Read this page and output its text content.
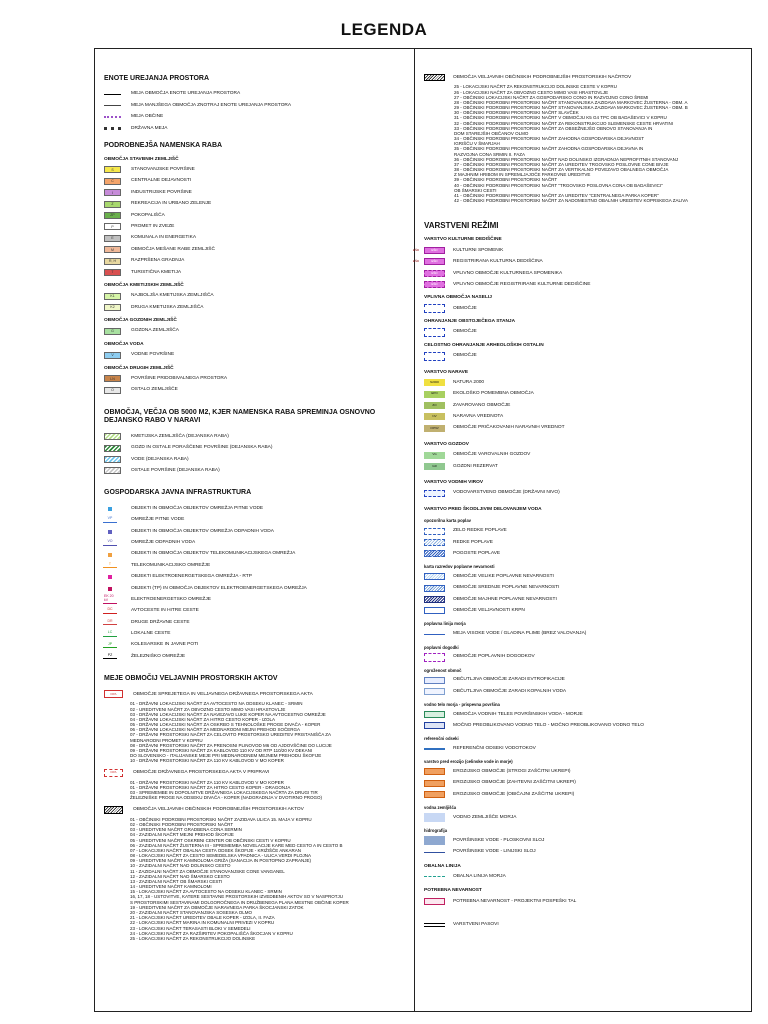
LEGENDA
ENOTE UREJANJA PROSTORA
MEJA OBMOČJA ENOTE UREJANJA PROSTORA
MEJA MANJŠEGA OBMOČJA ZNOTRAJ ENOTE UREJANJA PROSTORA
MEJA OBČINE
DRŽAVNA MEJA
PODROBNEJŠA NAMENSKA RABA
OBMOČJA STAVBNIH ZEMLJIŠČ
S	STANOVANJSKE POVRŠINE
C	CENTRALNE DEJAVNOSTI
I	INDUSTRIJSKE POVRŠINE
Z	REKREACIJA IN URBANO ZELENJE
ZP	POKOPALIŠČA
P	PROMET IN ZVEZE
E	KOMUNALA IN ENERGETIKA
M	OBMOČJA MEŠANE RABE ZEMLJIŠČ
R, H	RAZPRŠENA GRADNJA
T	TURISTIČNA KMETIJA
OBMOČJA KMETIJSKIH ZEMLJIŠČ
K1	NAJBOLJŠA KMETIJSKA ZEMLJIŠČA
K2	DRUGA KMETIJSKA ZEMLJIŠČA
OBMOČJA GOZDNIH ZEMLJIŠČ
G	GOZDNA ZEMLJIŠČA
OBMOČJA VODA
V	VODNE POVRŠINE
OBMOČJA DRUGIH ZEMLJIŠČ
LN	POVRŠINE PRIDOBIVALNEGA PROSTORA
O	OSTALO ZEMLJIŠČE
OBMOČJA, VEČJA OB 5000 M2, KJER NAMENSKA RABA SPREMINJA OSNOVNO DEJANSKO RABO V NARAVI
KMETIJSKA ZEMLJIŠČA (DEJANSKA RABA)
GOZD IN OSTALE PORAŠČENE POVRŠINE (DEJANSKA RABA)
VODE (DEJANSKA RABA)
OSTALE POVRŠINE (DEJANSKA RABA)
GOSPODARSKA JAVNA INFRASTRUKTURA
OBJEKTI IN OBMOČJA OBJEKTOV OMREŽJA PITNE VODE
VP	OMREŽJE PITNE VODE
OBJEKTI IN OBMOČJA OBJEKTOV OMREŽJA ODPADNIH VODA
VO	OMREŽJE ODPADNIH VODA
OBJEKTI IN OBMOČJA OBJEKTOV TELEKOMUNIKACIJSKEGA OMREŽJA
T	TELEKOMUNIKACIJSKO OMREŽJE
OBJEKTI ELEKTROENERGETSKEGA OMREŽJA - RTP
OBJEKTI (TP) IN OBMOČJA OBJEKTOV ELEKTROENERGETSKEGA OMREŽJA
EK 20 kV	ELEKTROENERGETSKO OMREŽJE
DC	AVTOCESTE IN HITRE CESTE
DR	DRUGE DRŽAVNE CESTE
LC	LOKALNE CESTE
JP	KOLESARSKE IN JAVNE POTI
PZ	ŽELEZNIŠKO OMREŽJE
MEJE OBMOČIJ VELJAVNIH PROSTORSKIH AKTOV
DPA	OBMOČJE SPREJETEGA IN VELJAVNEGA DRŽAVNEGA PROSTORSKEGA AKTA
01 - DRŽAVNI LOKACIJSKI NAČRT ZA AVTOCESTO NA ODSEKU KLANEC - SRMIN
02 - UREDITVENI NAČRT ZA OBVOZNO CESTO MIMO VASI HRASTOVLJE
03 - DRŽAVNI LOKACIJSKI NAČRT ZA NAVEZAVO LUKE KOPER NA AVTOCESTNO OMREŽJE
04 - DRŽAVNI LOKACIJSKI NAČRT ZA HITRO CESTO KOPER - IZOLA
05 - DRŽAVNI LOKACIJSKI NAČRT ZA OSKRBO S TEHNOLOŠKE PROGE DIVAČA - KOPER
06 - DRŽAVNI LOKACIJSKI NAČRT ZA MEDNARODNI MEJNI PREHOD SOČERGA
07 - DRŽAVNI PROSTORSKI NAČRT ZA CELOVITO PROSTORSKO UREDITEV PRISTANIŠČA ZA
MEDNARODNI PROMET V KOPRU
08 - DRŽAVNI PROSTORSKI NAČRT ZA PRENOSNI PLINOVOD M6 OD AJDOVŠČINE DO LUCIJE
09 - DRŽAVNI PROSTORSKI NAČRT ZA KABLOVOD 110 KV OD RTP 110/20 KV DEKANI
DO SLOVENSKO - ITALIJANSKE MEJE PRI MEDNARODNEM MEJNEM PREHODU ŠKOFIJE
10 - DRŽAVNI PROSTORSKI NAČRT ZA 110 KV KABLOVOD V MO KOPER
DPA	OBMOČJE DRŽAVNEGA PROSTORSKEGA AKTA V PRIPRAVI
01 - DRŽAVNI PROSTORSKI NAČRT ZA 110 KV KABLOVOD V MO KOPER
01 - DRŽAVNI PROSTORSKI NAČRT ZA HITRO CESTO KOPER - DRAGONJA
03 - SPREMEMBE IN DOPOLNITVE DRŽAVNEGA LOKACIJSKEGA NAČRTA ZA DRUGI TIR
ŽELEZNIŠKE PROGE NA ODSEKU DIVAČA - KOPER (NADGRADNJA V DVOTIRNO PROGO)
OBMOČJA VELJAVNIH OBČINSKIH PODROBNEJŠIH PROSTORSKIH AKTOV
01 - OBČINSKI PODROBNI PROSTORSKI NAČRT ZAZIDAVA ULICA 15. MAJA V KOPRU
02 - OBČINSKI PODROBNI PROSTORSKI NAČRT
03 - UREDITVENI NAČRT GRADBENA CONA SERMIN
04 - ZAZIDALNI NAČRT MEJNI PREHOD ŠKOFIJE
05 - UREDITVENI NAČRT OSKRBNI CENTER OB OBČINSKI CESTI V KOPRU
06 - ZAZIDALNI NAČRT ŽUSTERNA III - SPREMEMBA NOVELACIJE KARE MED CESTO A IN CESTO B
07 - LOKACIJSKI NAČRT OBALNA CESTA ODSEK ŠKOFIJE - KRIŽIŠČE ANKARAN
08 - LOKACIJSKI NAČRT ZA CESTO SEMEDELSKA VPADNICA - ULICA VERDI PLOJNA
09 - UREDITVENI NAČRT KAMNOLOMA GRIŽA (SANACIJA IN POSTOPNO ZAPRANJE)
10 - ZAZIDALNI NAČRT NAD DOLINSKO CESTO
11 - ZAZIDALNI NAČRT ZA OBMOČJE STANOVANJSKE CONE VANGANEL
12 - ZAZIDALNI NAČRT NAD ŠMARSKO CESTO
13 - ZAZIDALNI NAČRT OB ŠMARSKI CESTI
14 - UREDITVENI NAČRT KAMNOLOMI
15 - LOKACIJSKI NAČRT ZA AVTOCESTO NA ODSEKU KLANEC - SRMIN
16, 17, 18 - USTOVITVE, KATERE SESTAVNE PROSTORSKIH IZVEDBENIH AKTOV SO V NASPROTJU
S PROSTORSKIMI SESTAVINAMI DOLGOROČNEGA IN DRUŽBENEGA PLANA MESTNE OBČINE KOPER
19 - UREDITVENI NAČRT ZA OBMOČJE NARAVNEGA PARKA ŠKOCJANSKI ZATOK
20 - ZAZIDALNI NAČRT STANOVANJSKA SOSESKA OLMO
21 - LOKACIJSKI NAČRT UREDITEV OBALE KOPER - IZOLA, II. FAZA
22 - LOKACIJSKI NAČRT MARINA IN KOMUNALNI PRIVEZI V KOPRU
23 - LOKACIJSKI NAČRT TERASASTI BLOKI V SEMEDELI
24 - LOKACIJSKI NAČRT ZA RAZŠIRITEV POKOPALIŠČA ŠKOCJAN V KOPRU
25 - LOKACIJSKI NAČRT ZA REKONSTRUKCIJO DOLINSKE
OBMOČJA VELJAVNIH OBČINSKIH PODROBNEJŠIH PROSTORSKIH NAČRTOV
25 - LOKACIJSKI NAČRT ZA REKONSTRUKCIJO DOLINSKE CESTE V KOPRU
26 - LOKACIJSKI NAČRT ZA OBVOZNO CESTO MIMO VASI HRASTOVLJE
27 - OBČINSKI LOKACIJSKI NAČRT ZA GOSPODARSKO CONO IN RAZVOJNO CONO ŠREMI
28 - OBČINSKI PODROBNI PROSTORSKI NAČRT STANOVANJSKA ZAZIDAVA MARKOVEC ŽUSTERNA - OBM. A
29 - OBČINSKI PODROBNI PROSTORSKI NAČRT STANOVANJSKA ZAZIDAVA MARKOVEC ŽUSTERNA - OBM. B
30 - OBČINSKI PODROBNI PROSTORSKI NAČRT SLAVČEK
31 - OBČINSKI PODROBNI PROSTORSKI NAČRT V OBMOČJU K5 G4 TPC OB BADAŠEVICI V KOPRU
32 - OBČINSKI PODROBNI PROSTORSKI NAČRT ZA REKONSTRUKCIJO SLEMENSKE CESTE HRVATINI
33 - OBČINSKI PODROBNI PROSTORSKI NAČRT ZA OBSEŽNEJŠO OBNOVO STANOVANJA IN
DOM STAREJŠIH OBČANOV OLMO
34 - OBČINSKI PODROBNI PROSTORSKI NAČRT ZAHODNA GOSPODARSKA DEJAVNOST
IGRIŠČU V ŠMARJAH
35 - OBČINSKI PODROBNI PROSTORSKI NAČRT ZAHODNA GOSPODARSKA DEJAVNA IN
RAZVOJNA CONA SRMIN II. FAZA
36 - OBČINSKI PODROBNI PROSTORSKI NAČRT NAD DOLINSKO IZGRADNJA NEPROFITNIH STANOVANJ
37 - OBČINSKI PODROBNI PROSTORSKI NAČRT ZA UREDITEV TRGOVSKO POSLOVNE CONE BIVJE
38 - OBČINSKI PODROBNI PROSTORSKI NAČRT ZA VERTIKALNO POVEZAVO OBALNEGA OBMOČJA
Z MAJHNIM HRIBOM IN SPREMLJAJOČE PARKOVNE UREDITVE
39 - OBČINSKI PODROBNI PROSTORSKI NAČRT
40 - OBČINSKI PODROBNI PROSTORSKI NAČRT "TRGOVSKO POSLOVNA CONA OB BADAŠEVICI"
OB ŠMARSKI CESTI
41 - OBČINSKI PODROBNI PROSTORSKI NAČRT ZA UREDITEV "CENTRALNEGA PARKA KOPER"
42 - OBČINSKI PODROBNI PROSTORSKI NAČRT ZA NADOMESTNO OBALNIH UREDITEV KOPRSKEGA ZALIVA
VARSTVENI REŽIMI
VARSTVO KULTURNE DEDIŠČINE
EŠD	EŠD	KULTURNI SPOMENIK
EŠD	EŠD	REGISTRIRANA KULTURNA DEDIŠČINA
EŠD	VPLIVNO OBMOČJE KULTURNEGA SPOMENIKA
EŠD	VPLIVNO OBMOČJE REGISTRIRANE KULTURNE DEDIŠČINE
VPLIVNA OBMOČJA NASELIJ
OBMOČJE
OHRANJANJE OBSTOJEČEGA STANJA
OBMOČJE
CELOSTNO OHRANJANJE ARHEOLOŠKIH OSTALIN
OBMOČJE
VARSTVO NARAVE
N2000	NATURA 2000
EPO	EKOLOŠKO POMEMBNA OBMOČJA
ZO	ZAVAROVANO OBMOČJE
NV	NARAVNA VREDNOTA
OPNV	OBMOČJE PRIČAKOVANIH NARAVNIH VREDNOT
VARSTVO GOZDOV
VG	OBMOČJE VAROVALNIH GOZDOV
GR	GOZDNI REZERVAT
VARSTVO VODNIH VIROV
VODOVARSTVENO OBMOČJE (DRŽAVNI NIVO)
VARSTVO PRED ŠKODLJIVIM DELOVANJEM VODA
opozorilna karta poplav
ZELO REDKE POPLAVE
REDKE POPLAVE
POGOSTE POPLAVE
karta razredov poplavne nevarnosti
OBMOČJE VELIKE POPLAVNE NEVARNOSTI
OBMOČJE SREDNJE POPLAVNE NEVARNOSTI
OBMOČJE MAJHNE POPLAVNE NEVARNOSTI
OBMOČJE VELJAVNOSTI KRPN
poplavna linija morja
MEJA VISOKE VODE / GLADINA PLIME (BREZ VALOVANJA)
poplavni dogodki
OBMOČJE POPLAVNIH DOGODKOV
ogroženost območ
OBČUTLJIVA OBMOČJE ZARADI EVTROFIKACIJE
OBČUTLJIVA OBMOČJE ZARADI KOPALNIH VODA
vodno telo morja - prispevna površina
OBMOČJA VODNIH TELES POVRŠINSKIH VODA - MORJE
MOČNO PREOBLIKOVANO VODNO TELO - MOČNO PREOBLIKOVANO VODNO TELO
referenčni odseki
REFERENČNI ODSEKI VODOTOKOV
varstvo pred erozijo (celinske vode in morje)
EROZIJSKO OBMOČJE (STROGI ZAŠČITNI UKREPI)
EROZIJSKO OBMOČJE (ZAHTEVNI ZAŠČITNI UKREPI)
EROZIJSKO OBMOČJE (OBIČAJNI ZAŠČITNI UKREPI)
vodna zemljišča
VODNO ZEMLJIŠČE MORJA
hidrografija
POVRŠINSKE VODE - PLOSKOVNI SLOJ
POVRŠINSKE VODE - LINIJSKI SLOJ
OBALNA LINIJA
OBALNA LINIJA MORJA
POTREBNA NEVARNOST
POTREBNA NEVARNOST - PROJEKTNI POSPEŠKI TAL
VARSTVENI PASOVI
